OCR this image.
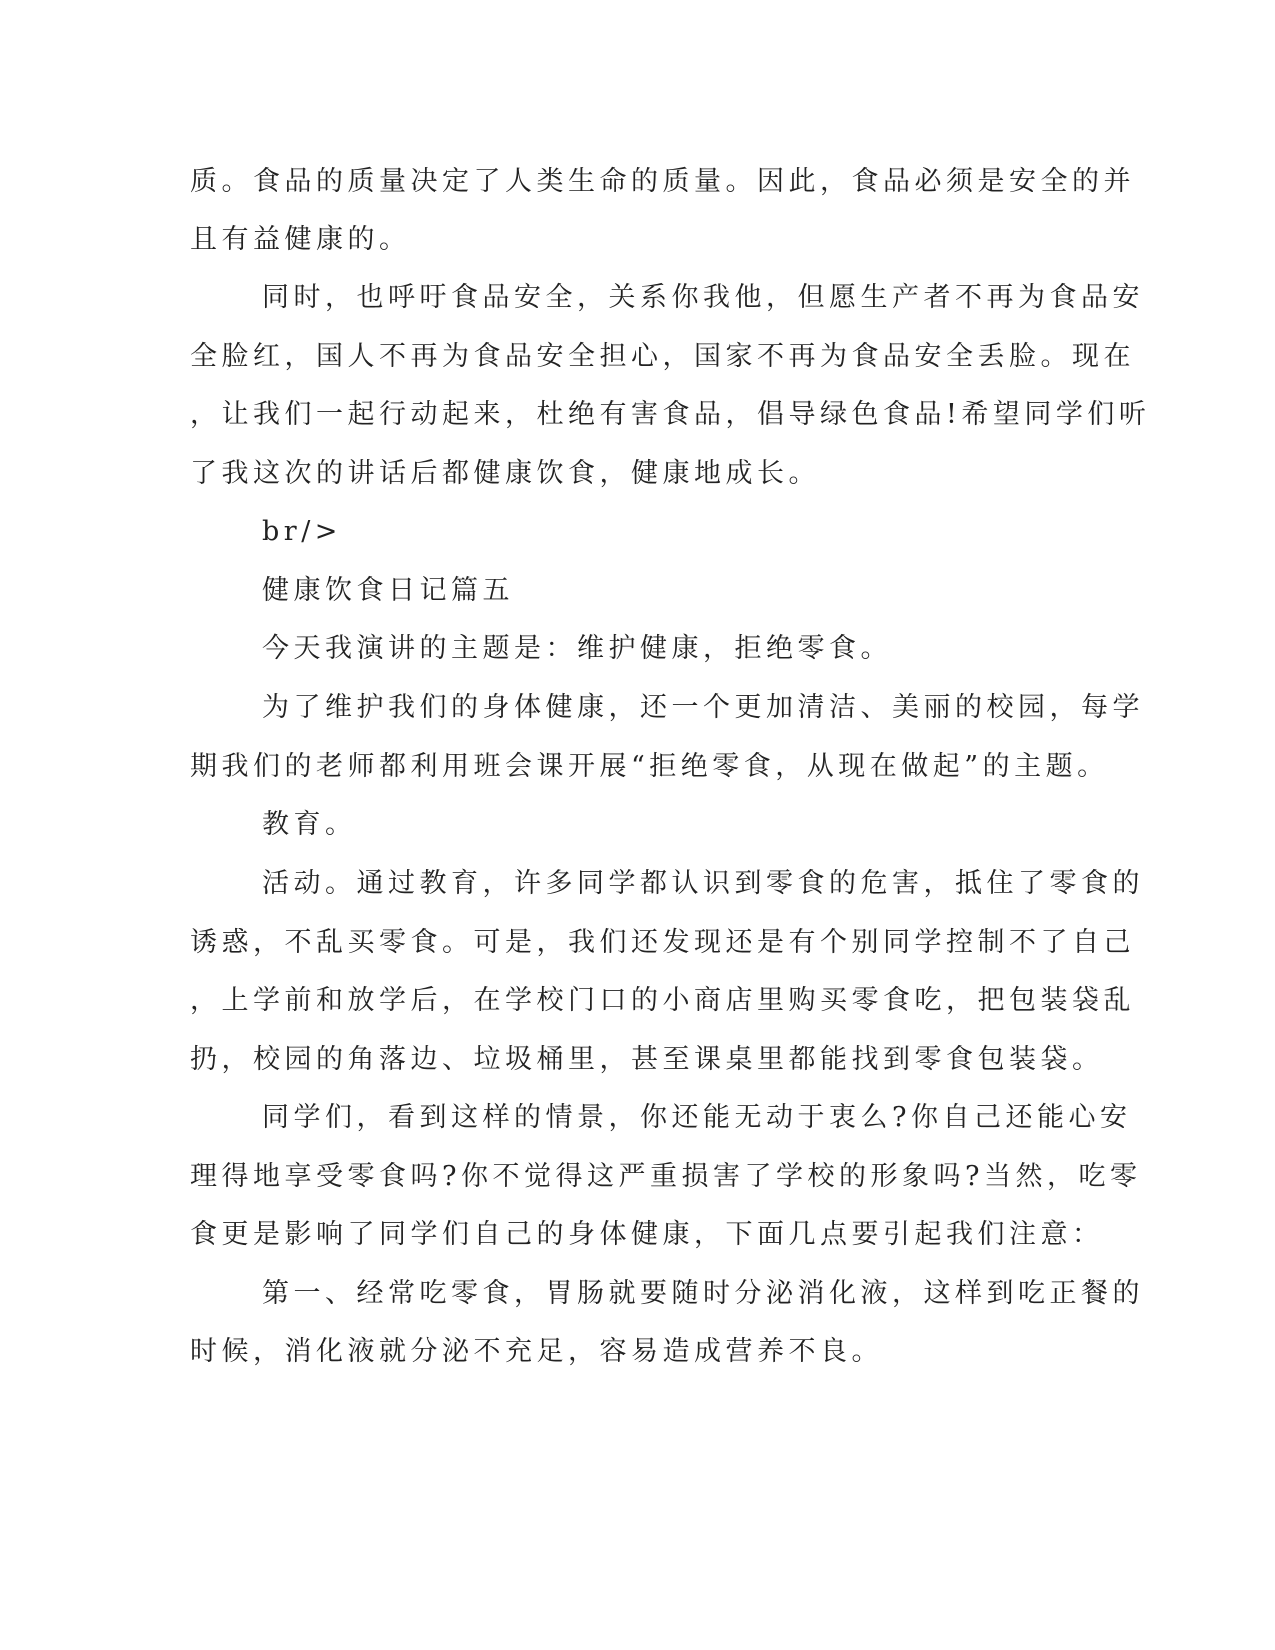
质。食品的质量决定了人类生命的质量。因此，食品必须是安全的并
且有益健康的。
同时，也呼吁食品安全，关系你我他，但愿生产者不再为食品安
全脸红，国人不再为食品安全担心，国家不再为食品安全丢脸。现在
，让我们一起行动起来，杜绝有害食品，倡导绿色食品!希望同学们听
了我这次的讲话后都健康饮食，健康地成长。
br/>
健康饮食日记篇五
今天我演讲的主题是：维护健康，拒绝零食。
为了维护我们的身体健康，还一个更加清洁、美丽的校园，每学
期我们的老师都利用班会课开展“拒绝零食，从现在做起”的主题。
教育。
活动。通过教育，许多同学都认识到零食的危害，抵住了零食的
诱惑，不乱买零食。可是，我们还发现还是有个别同学控制不了自己
，上学前和放学后，在学校门口的小商店里购买零食吃，把包装袋乱
扔，校园的角落边、垃圾桶里，甚至课桌里都能找到零食包装袋。
同学们，看到这样的情景，你还能无动于衷么?你自己还能心安
理得地享受零食吗?你不觉得这严重损害了学校的形象吗?当然，吃零
食更是影响了同学们自己的身体健康，下面几点要引起我们注意：
第一、经常吃零食，胃肠就要随时分泌消化液，这样到吃正餐的
时候，消化液就分泌不充足，容易造成营养不良。
